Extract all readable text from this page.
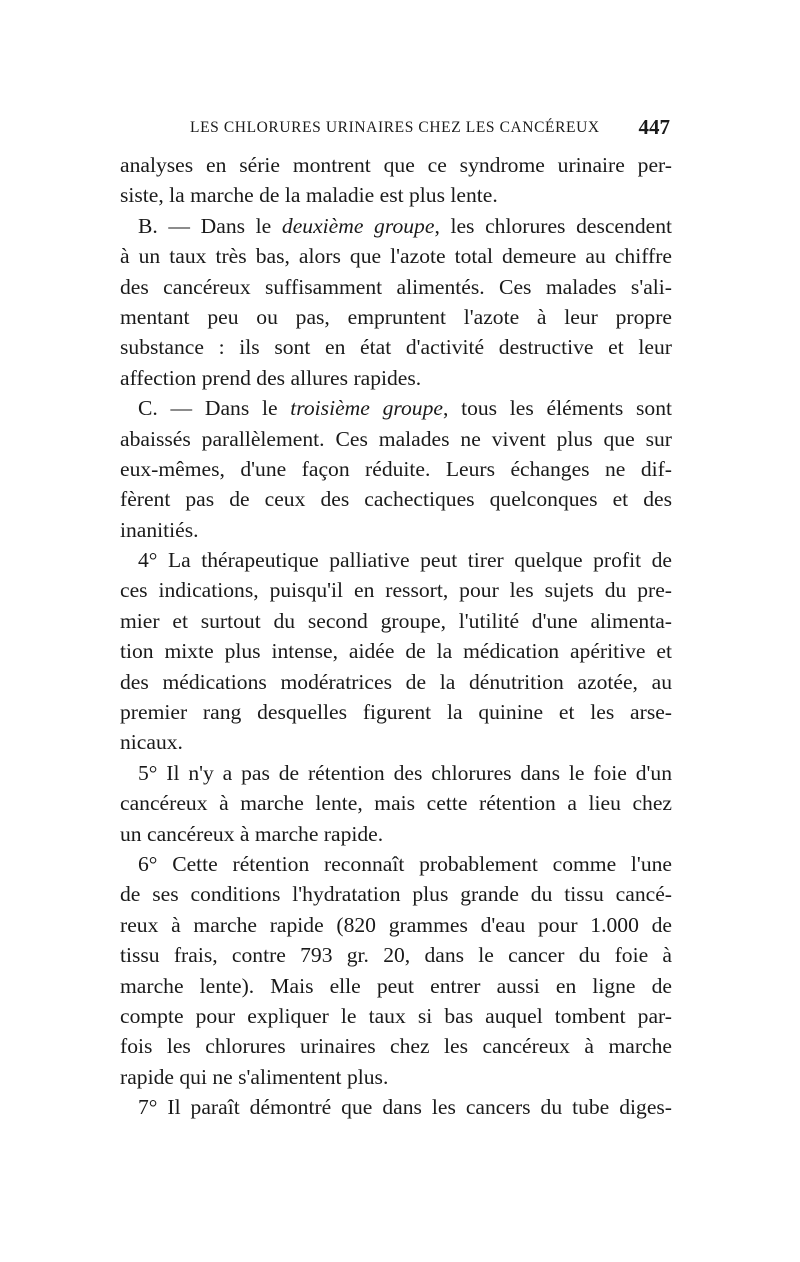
LES CHLORURES URINAIRES CHEZ LES CANCÉREUX 447
analyses en série montrent que ce syndrome urinaire per-
siste, la marche de la maladie est plus lente.
B. — Dans le deuxième groupe, les chlorures descendent
à un taux très bas, alors que l'azote total demeure au chiffre
des cancéreux suffisamment alimentés. Ces malades s'ali-
mentant peu ou pas, empruntent l'azote à leur propre
substance : ils sont en état d'activité destructive et leur
affection prend des allures rapides.
C. — Dans le troisième groupe, tous les éléments sont
abaissés parallèlement. Ces malades ne vivent plus que sur
eux-mêmes, d'une façon réduite. Leurs échanges ne dif-
fèrent pas de ceux des cachectiques quelconques et des
inanitiés.
4° La thérapeutique palliative peut tirer quelque profit de
ces indications, puisqu'il en ressort, pour les sujets du pre-
mier et surtout du second groupe, l'utilité d'une alimenta-
tion mixte plus intense, aidée de la médication apéritive et
des médications modératrices de la dénutrition azotée, au
premier rang desquelles figurent la quinine et les arse-
nicaux.
5° Il n'y a pas de rétention des chlorures dans le foie d'un
cancéreux à marche lente, mais cette rétention a lieu chez
un cancéreux à marche rapide.
6° Cette rétention reconnaît probablement comme l'une
de ses conditions l'hydratation plus grande du tissu cancé-
reux à marche rapide (820 grammes d'eau pour 1.000 de
tissu frais, contre 793 gr. 20, dans le cancer du foie à
marche lente). Mais elle peut entrer aussi en ligne de
compte pour expliquer le taux si bas auquel tombent par-
fois les chlorures urinaires chez les cancéreux à marche
rapide qui ne s'alimentent plus.
7° Il paraît démontré que dans les cancers du tube diges-
